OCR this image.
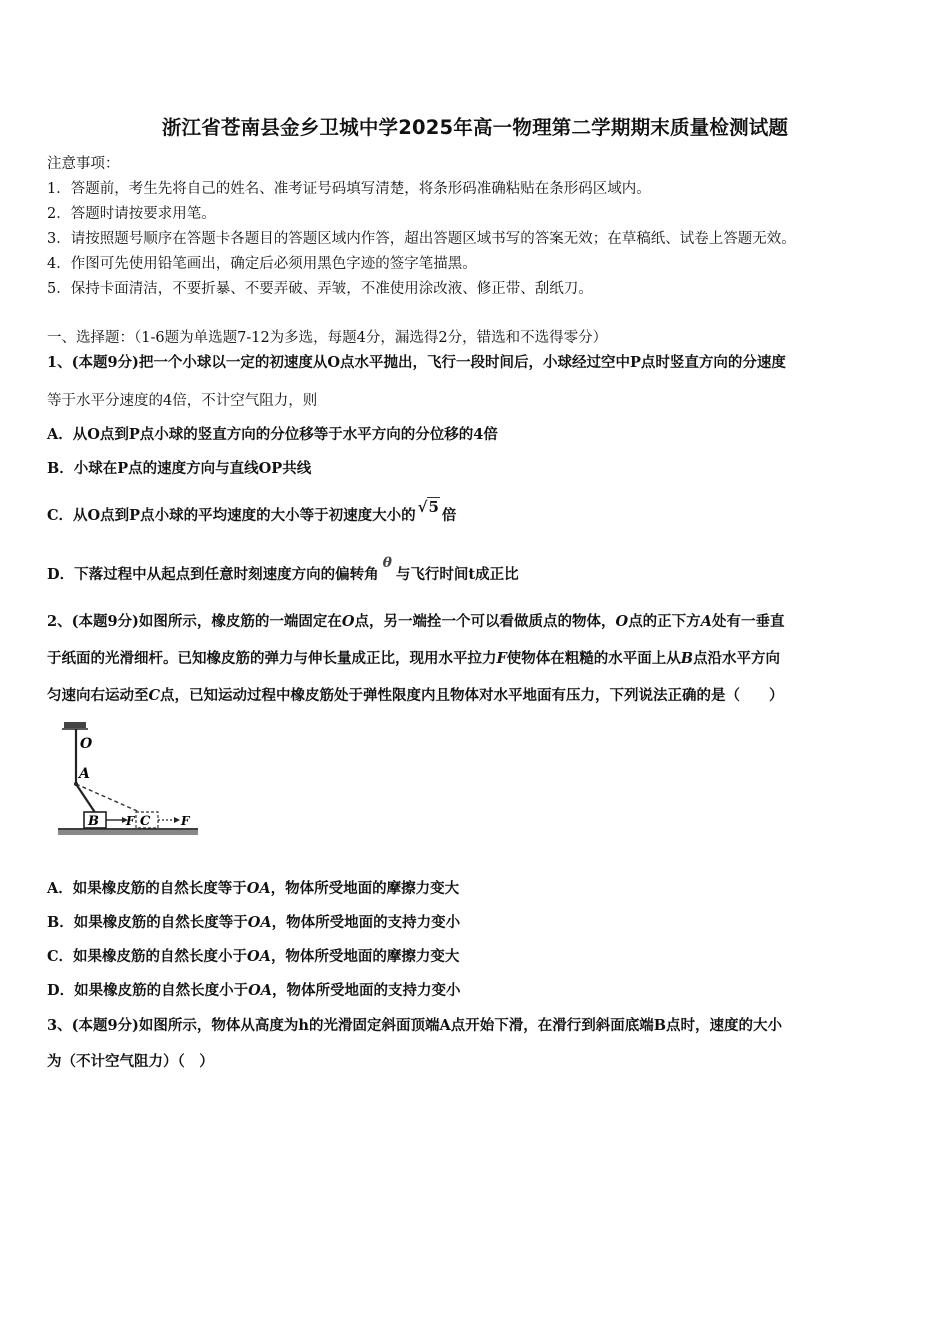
浙江省苍南县金乡卫城中学2025年高一物理第二学期期末质量检测试题
注意事项：
1．答题前，考生先将自己的姓名、准考证号码填写清楚，将条形码准确粘贴在条形码区域内。
2．答题时请按要求用笔。
3．请按照题号顺序在答题卡各题目的答题区域内作答，超出答题区域书写的答案无效；在草稿纸、试卷上答题无效。
4．作图可先使用铅笔画出，确定后必须用黑色字迹的签字笔描黑。
5．保持卡面清洁，不要折暴、不要弄破、弄皱，不准使用涂改液、修正带、刮纸刀。
一、选择题：（1-6题为单选题7-12为多选，每题4分，漏选得2分，错选和不选得零分）
1、(本题9分)把一个小球以一定的初速度从O点水平抛出，飞行一段时间后，小球经过空中P点时竖直方向的分速度
等于水平分速度的4倍，不计空气阻力，则
A．从O点到P点小球的竖直方向的分位移等于水平方向的分位移的4倍
B．小球在P点的速度方向与直线OP共线
C．从O点到P点小球的平均速度的大小等于初速度大小的 √5 倍
D．下落过程中从起点到任意时刻速度方向的偏转角θ与飞行时间t成正比
2、(本题9分)如图所示，橡皮筋的一端固定在O点，另一端拴一个可以看做质点的物体，O点的正下方A处有一垂直
于纸面的光滑细杆。已知橡皮筋的弹力与伸长量成正比，现用水平拉力F使物体在粗糙的水平面上从B点沿水平方向
匀速向右运动至C点，已知运动过程中橡皮筋处于弹性限度内且物体对水平地面有压力，下列说法正确的是（　　）
O
A
B F C	F
A．如果橡皮筋的自然长度等于OA，物体所受地面的摩擦力变大
B．如果橡皮筋的自然长度等于OA，物体所受地面的支持力变小
C．如果橡皮筋的自然长度小于OA，物体所受地面的摩擦力变大
D．如果橡皮筋的自然长度小于OA，物体所受地面的支持力变小
3、(本题9分)如图所示，物体从高度为h的光滑固定斜面顶端A点开始下滑，在滑行到斜面底端B点时，速度的大小
为（不计空气阻力）（　）
